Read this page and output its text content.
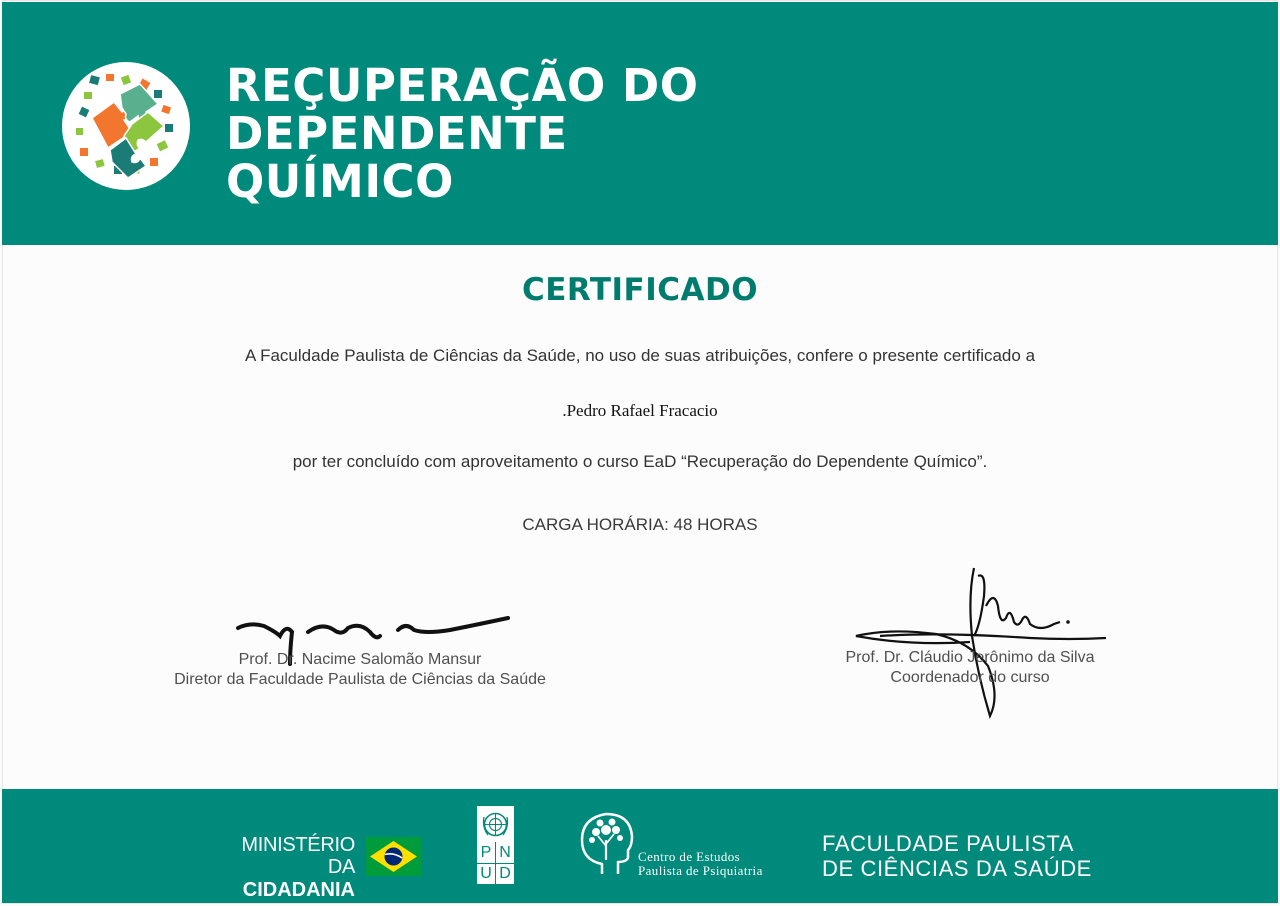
REÇUPERAÇÃO DO DEPENDENTE
QUÍMICO
CERTIFICADO
A Faculdade Paulista de Ciências da Saúde, no uso de suas atribuições, confere o presente certificado a
.Pedro Rafael Fracacio
por ter concluído com aproveitamento o curso EaD “Recuperação do Dependente Químico”.
CARGA HORÁRIA: 48 HORAS
Prof. Dr. Nacime Salomão Mansur
Diretor da Faculdade Paulista de Ciências da Saúde
Prof. Dr. Cláudio Jerônimo da Silva
Coordenador do curso
MINISTÉRIO DA
CIDADANIA
P N
U D
Centro de Estudos
Paulista de Psiquiatria
FACULDADE PAULISTA
DE CIÊNCIAS DA SAÚDE
